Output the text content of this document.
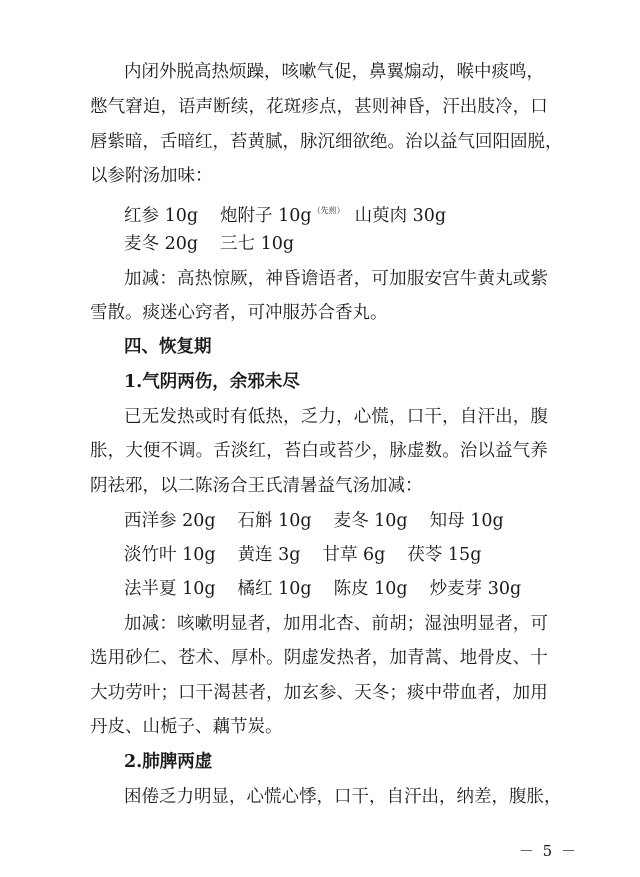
内 闭 外 脱 高 热 烦 躁 ， 咳 嗽 气 促 ， 鼻 翼 煽 动 ， 喉 中 痰 鸣 ，
憋 气 窘 迫 ， 语 声 断 续 ， 花 斑 疹 点 ， 甚 则 神 昏 ， 汗 出 肢 冷 ， 口
唇 紫 暗 ， 舌 暗 红 ， 苔 黄 腻 ， 脉 沉 细 欲 绝 。 治 以 益 气 回 阳 固 脱 ，
以参附汤加味：
红参 10g 炮附子 $10g^{(先煎)}$ 山萸肉 30g
麦冬 20g 三七 10g
加 减 ： 高 热 惊 厥 ， 神 昏 谵 语 者 ， 可 加 服 安 宫 牛 黄 丸 或 紫
雪散。痰迷心窍者，可冲服苏合香丸。
四、恢复期
1.气阴两伤，余邪未尽
已 无 发 热 或 时 有 低 热 ， 乏 力 ， 心 慌 ， 口 干 ， 自 汗 出 ， 腹
胀 ， 大 便 不 调 。 舌 淡 红 ， 苔 白 或 苔 少 ， 脉 虚 数 。 治 以 益 气 养
阴祛邪，以二陈汤合王氏清暑益气汤加减：
西洋参 20g 石斛 10g 麦冬 10g 知母 10g
淡竹叶 10g 黄连 3g 甘草 6g 茯苓 15g
法半夏 10g 橘红 10g 陈皮 10g 炒麦芽 30g
加 减 ： 咳 嗽 明 显 者 ， 加 用 北 杏 、 前 胡 ； 湿 浊 明 显 者 ， 可
选 用 砂 仁 、 苍 术 、 厚 朴 。 阴 虚 发 热 者 ， 加 青 蒿 、 地 骨 皮 、 十
大 功 劳 叶 ； 口 干 渴 甚 者 ， 加 玄 参 、 天 冬 ； 痰 中 带 血 者 ， 加 用
丹皮、山栀子、藕节炭。
2.肺脾两虚
困 倦 乏 力 明 显 ， 心 慌 心 悸 ， 口 干 ， 自 汗 出 ， 纳 差 ， 腹 胀 ，
－ 5 －
